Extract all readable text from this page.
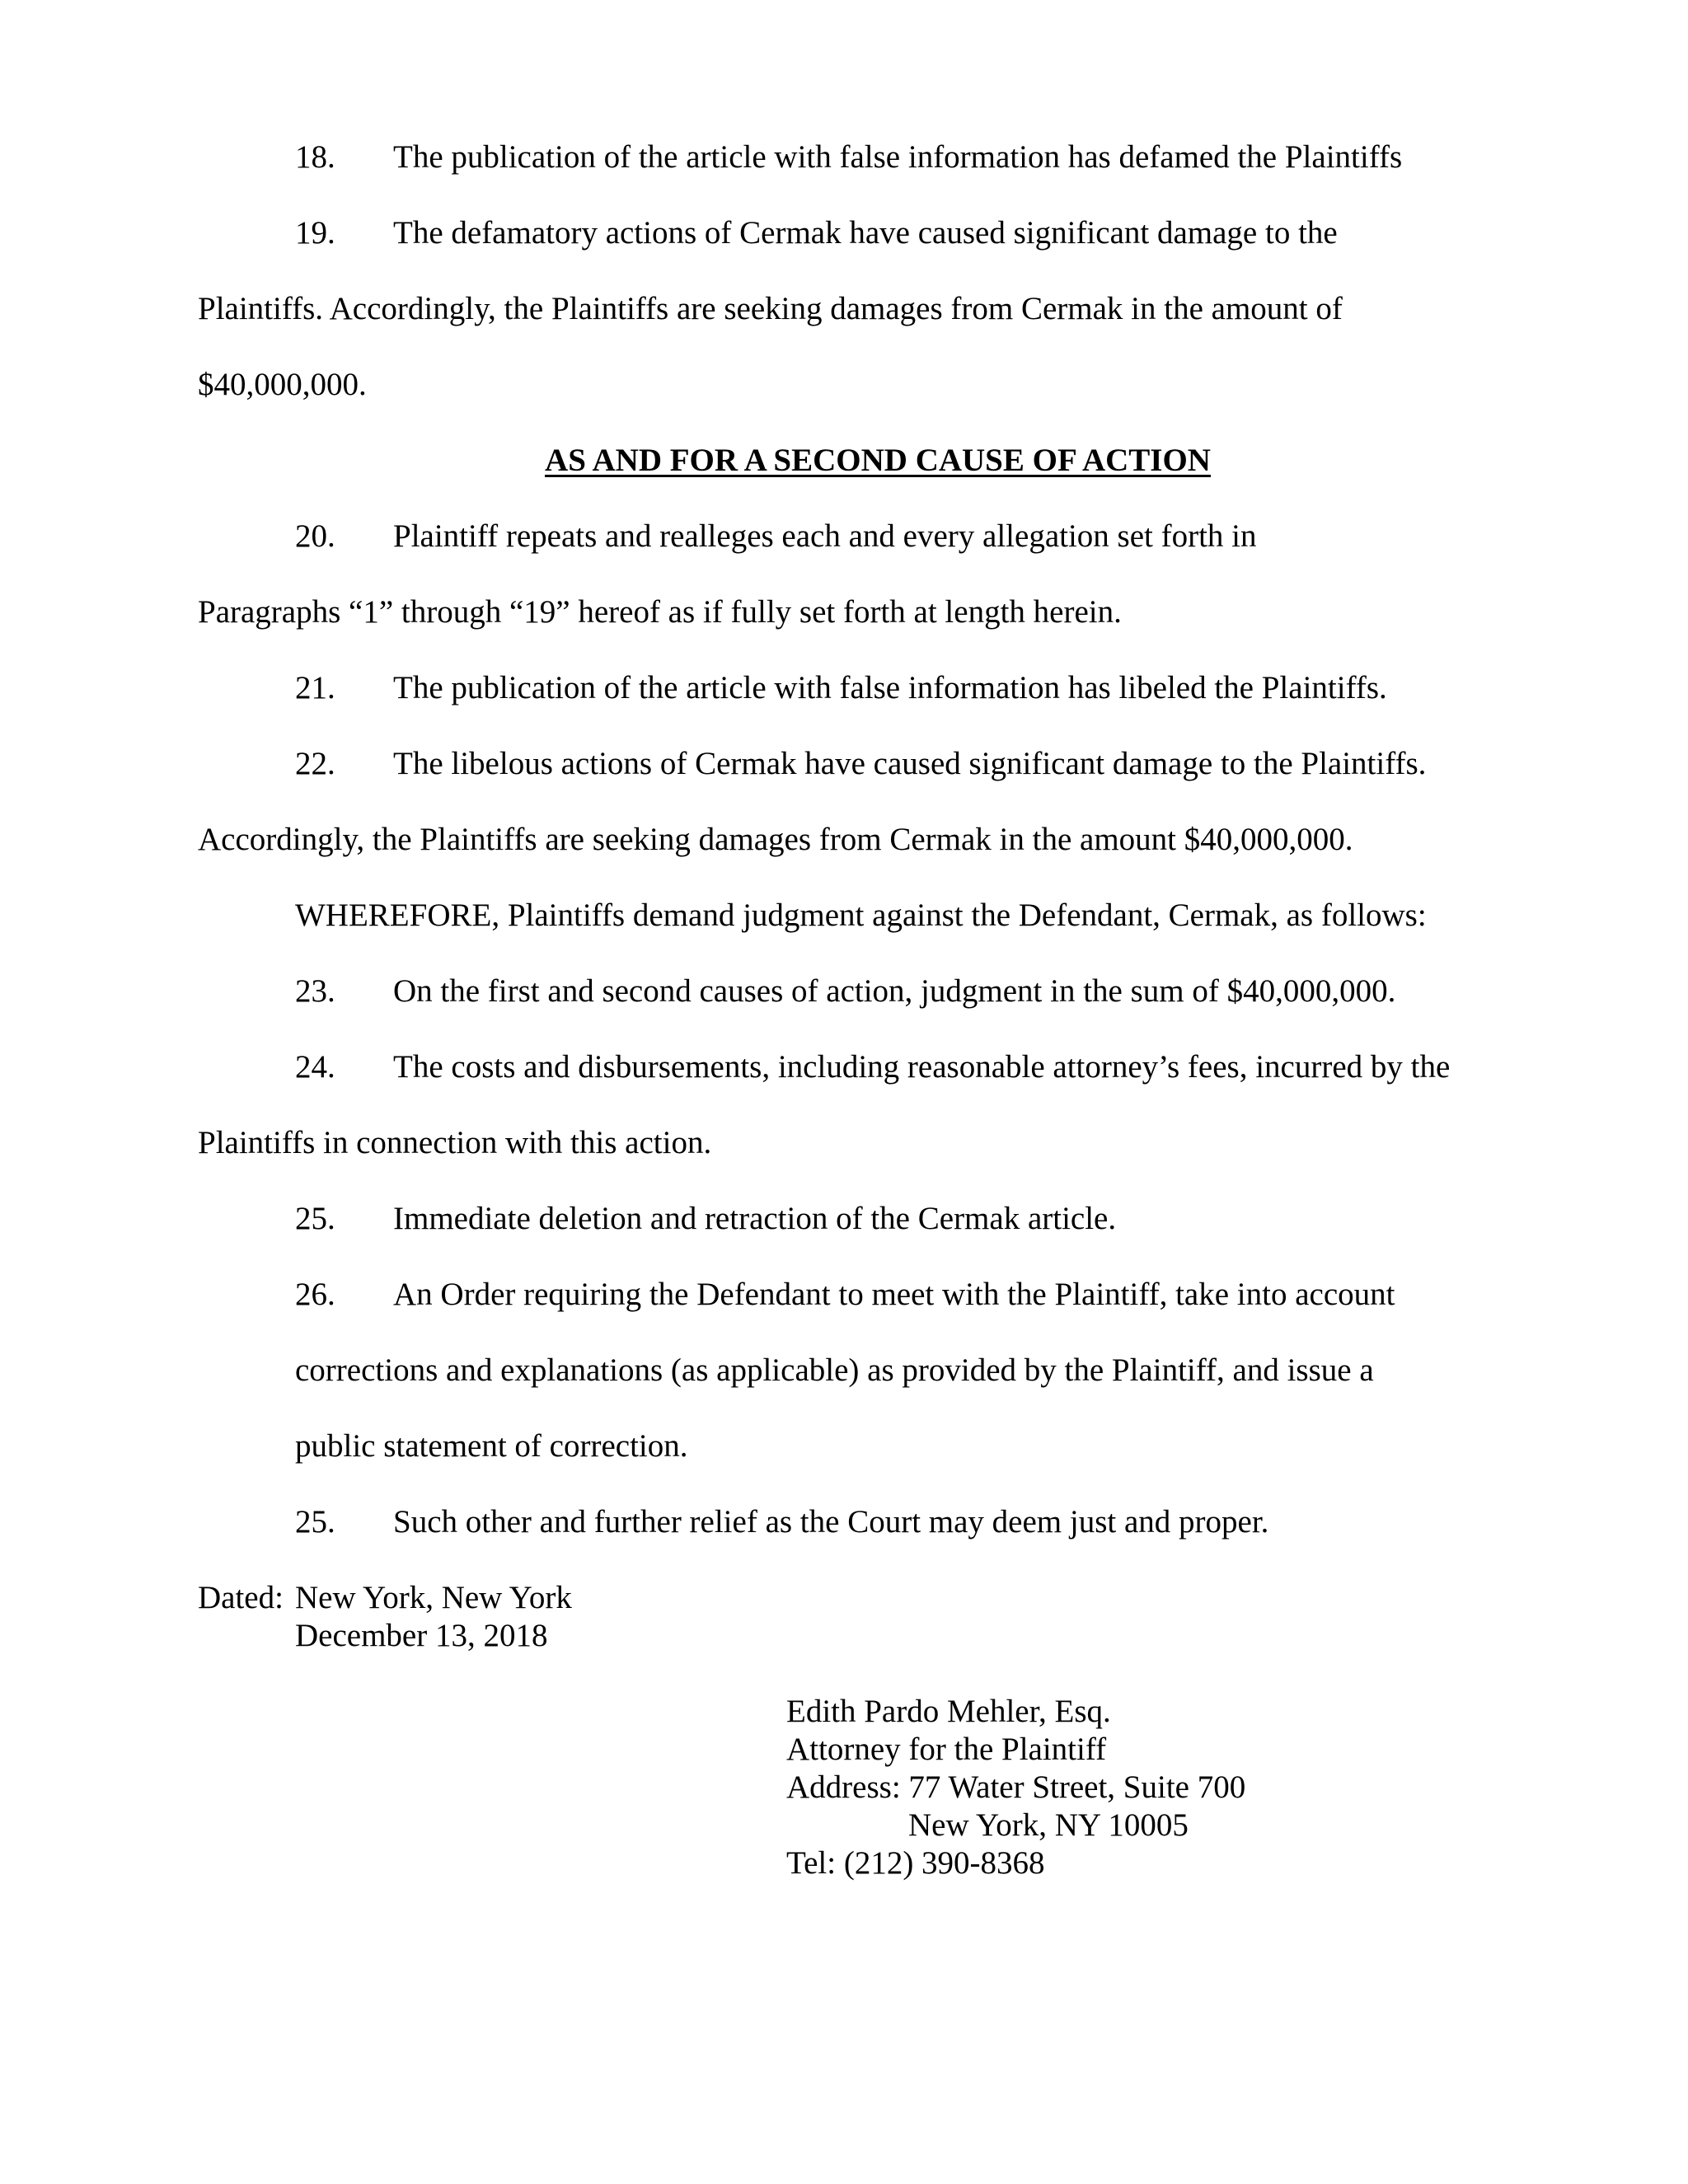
18. The publication of the article with false information has defamed the Plaintiffs

19. The defamatory actions of Cermak have caused significant damage to the

Plaintiffs. Accordingly, the Plaintiffs are seeking damages from Cermak in the amount of

$40,000,000.

AS AND FOR A SECOND CAUSE OF ACTION

20. Plaintiff repeats and realleges each and every allegation set forth in

Paragraphs “1” through “19” hereof as if fully set forth at length herein.

21. The publication of the article with false information has libeled the Plaintiffs.

22. The libelous actions of Cermak have caused significant damage to the Plaintiffs.

Accordingly, the Plaintiffs are seeking damages from Cermak in the amount $40,000,000.

WHEREFORE, Plaintiffs demand judgment against the Defendant, Cermak, as follows:

23. On the first and second causes of action, judgment in the sum of $40,000,000.

24. The costs and disbursements, including reasonable attorney’s fees, incurred by the

Plaintiffs in connection with this action.

25. Immediate deletion and retraction of the Cermak article.

26. An Order requiring the Defendant to meet with the Plaintiff, take into account

corrections and explanations (as applicable) as provided by the Plaintiff, and issue a

public statement of correction.

25. Such other and further relief as the Court may deem just and proper.

Dated: New York, New York
December 13, 2018
Edith Pardo Mehler, Esq.
Attorney for the Plaintiff
Address: 77 Water Street, Suite 700
New York, NY 10005
Tel: (212) 390-8368
